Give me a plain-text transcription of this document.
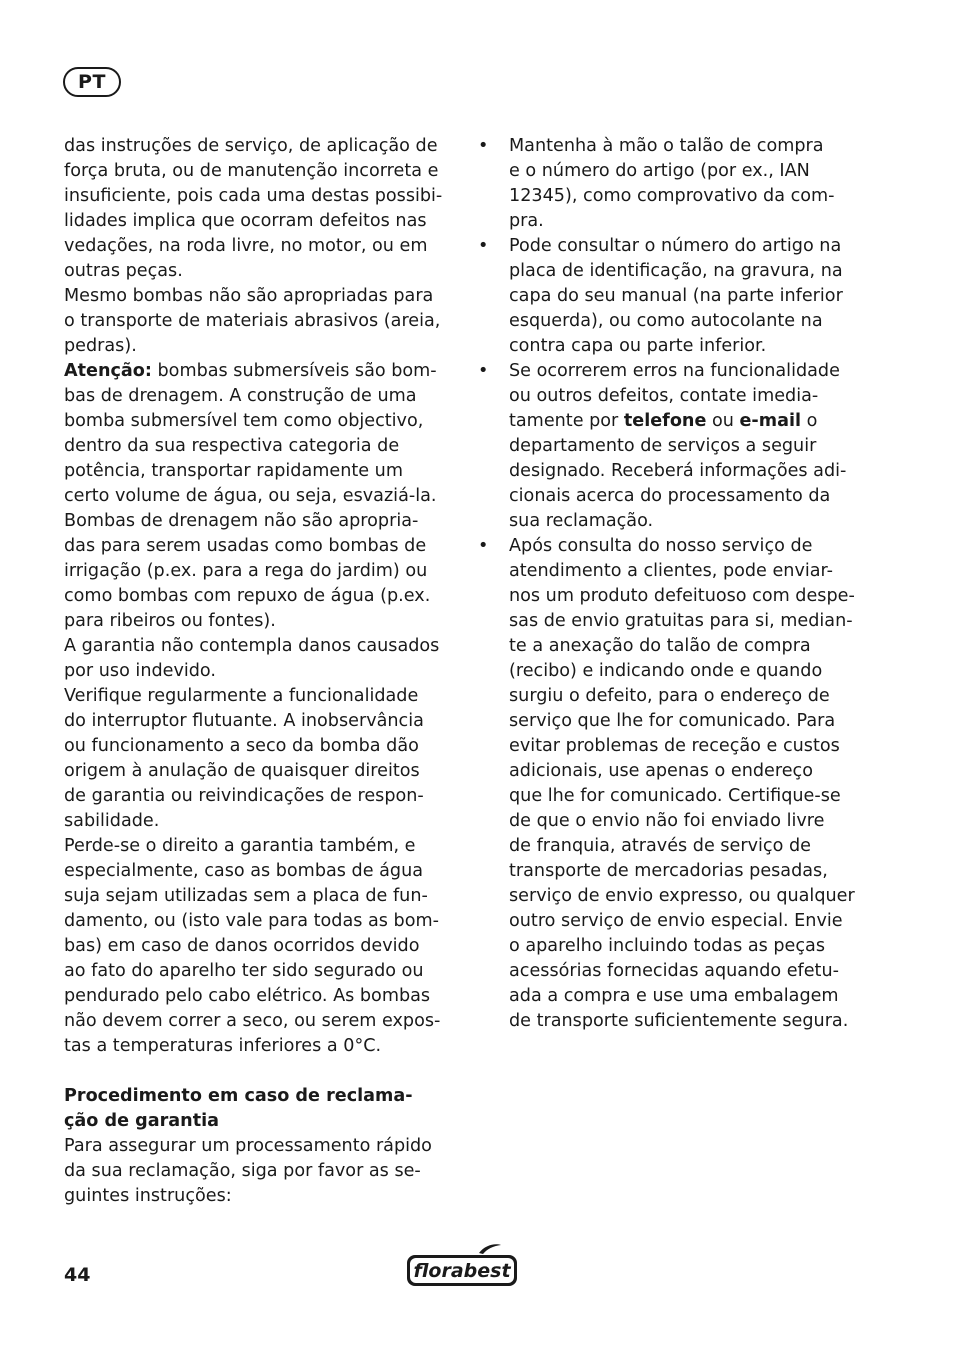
PT
das instruções de serviço, de aplicação de
força bruta, ou de manutenção incorreta e
insuficiente, pois cada uma destas possibi-
lidades implica que ocorram defeitos nas
vedações, na roda livre, no motor, ou em
outras peças.
Mesmo bombas não são apropriadas para
o transporte de materiais abrasivos (areia,
pedras).
Atenção: bombas submersíveis são bom-
bas de drenagem. A construção de uma
bomba submersível tem como objectivo,
dentro da sua respectiva categoria de
potência, transportar rapidamente um
certo volume de água, ou seja, esvaziá-la.
Bombas de drenagem não são apropria-
das para serem usadas como bombas de
irrigação (p.ex. para a rega do jardim) ou
como bombas com repuxo de água (p.ex.
para ribeiros ou fontes).
A garantia não contempla danos causados
por uso indevido.
Verifique regularmente a funcionalidade
do interruptor flutuante. A inobservância
ou funcionamento a seco da bomba dão
origem à anulação de quaisquer direitos
de garantia ou reivindicações de respon-
sabilidade.
Perde-se o direito a garantia também, e
especialmente, caso as bombas de água
suja sejam utilizadas sem a placa de fun-
damento, ou (isto vale para todas as bom-
bas) em caso de danos ocorridos devido
ao fato do aparelho ter sido segurado ou
pendurado pelo cabo elétrico. As bombas
não devem correr a seco, ou serem expos-
tas a temperaturas inferiores a 0°C.
Procedimento em caso de reclama-
ção de garantia
Para assegurar um processamento rápido
da sua reclamação, siga por favor as se-
guintes instruções:
• Mantenha à mão o talão de compra
e o número do artigo (por ex., IAN
12345), como comprovativo da com-
pra.
• Pode consultar o número do artigo na
placa de identificação, na gravura, na
capa do seu manual (na parte inferior
esquerda), ou como autocolante na
contra capa ou parte inferior.
• Se ocorrerem erros na funcionalidade
ou outros defeitos, contate imedia-
tamente por telefone ou e-mail o
departamento de serviços a seguir
designado. Receberá informações adi-
cionais acerca do processamento da
sua reclamação.
• Após consulta do nosso serviço de
atendimento a clientes, pode enviar-
nos um produto defeituoso com despe-
sas de envio gratuitas para si, median-
te a anexação do talão de compra
(recibo) e indicando onde e quando
surgiu o defeito, para o endereço de
serviço que lhe for comunicado. Para
evitar problemas de receção e custos
adicionais, use apenas o endereço
que lhe for comunicado. Certifique-se
de que o envio não foi enviado livre
de franquia, através de serviço de
transporte de mercadorias pesadas,
serviço de envio expresso, ou qualquer
outro serviço de envio especial. Envie
o aparelho incluindo todas as peças
acessórias fornecidas aquando efetu-
ada a compra e use uma embalagem
de transporte suficientemente segura.
44	florabest
